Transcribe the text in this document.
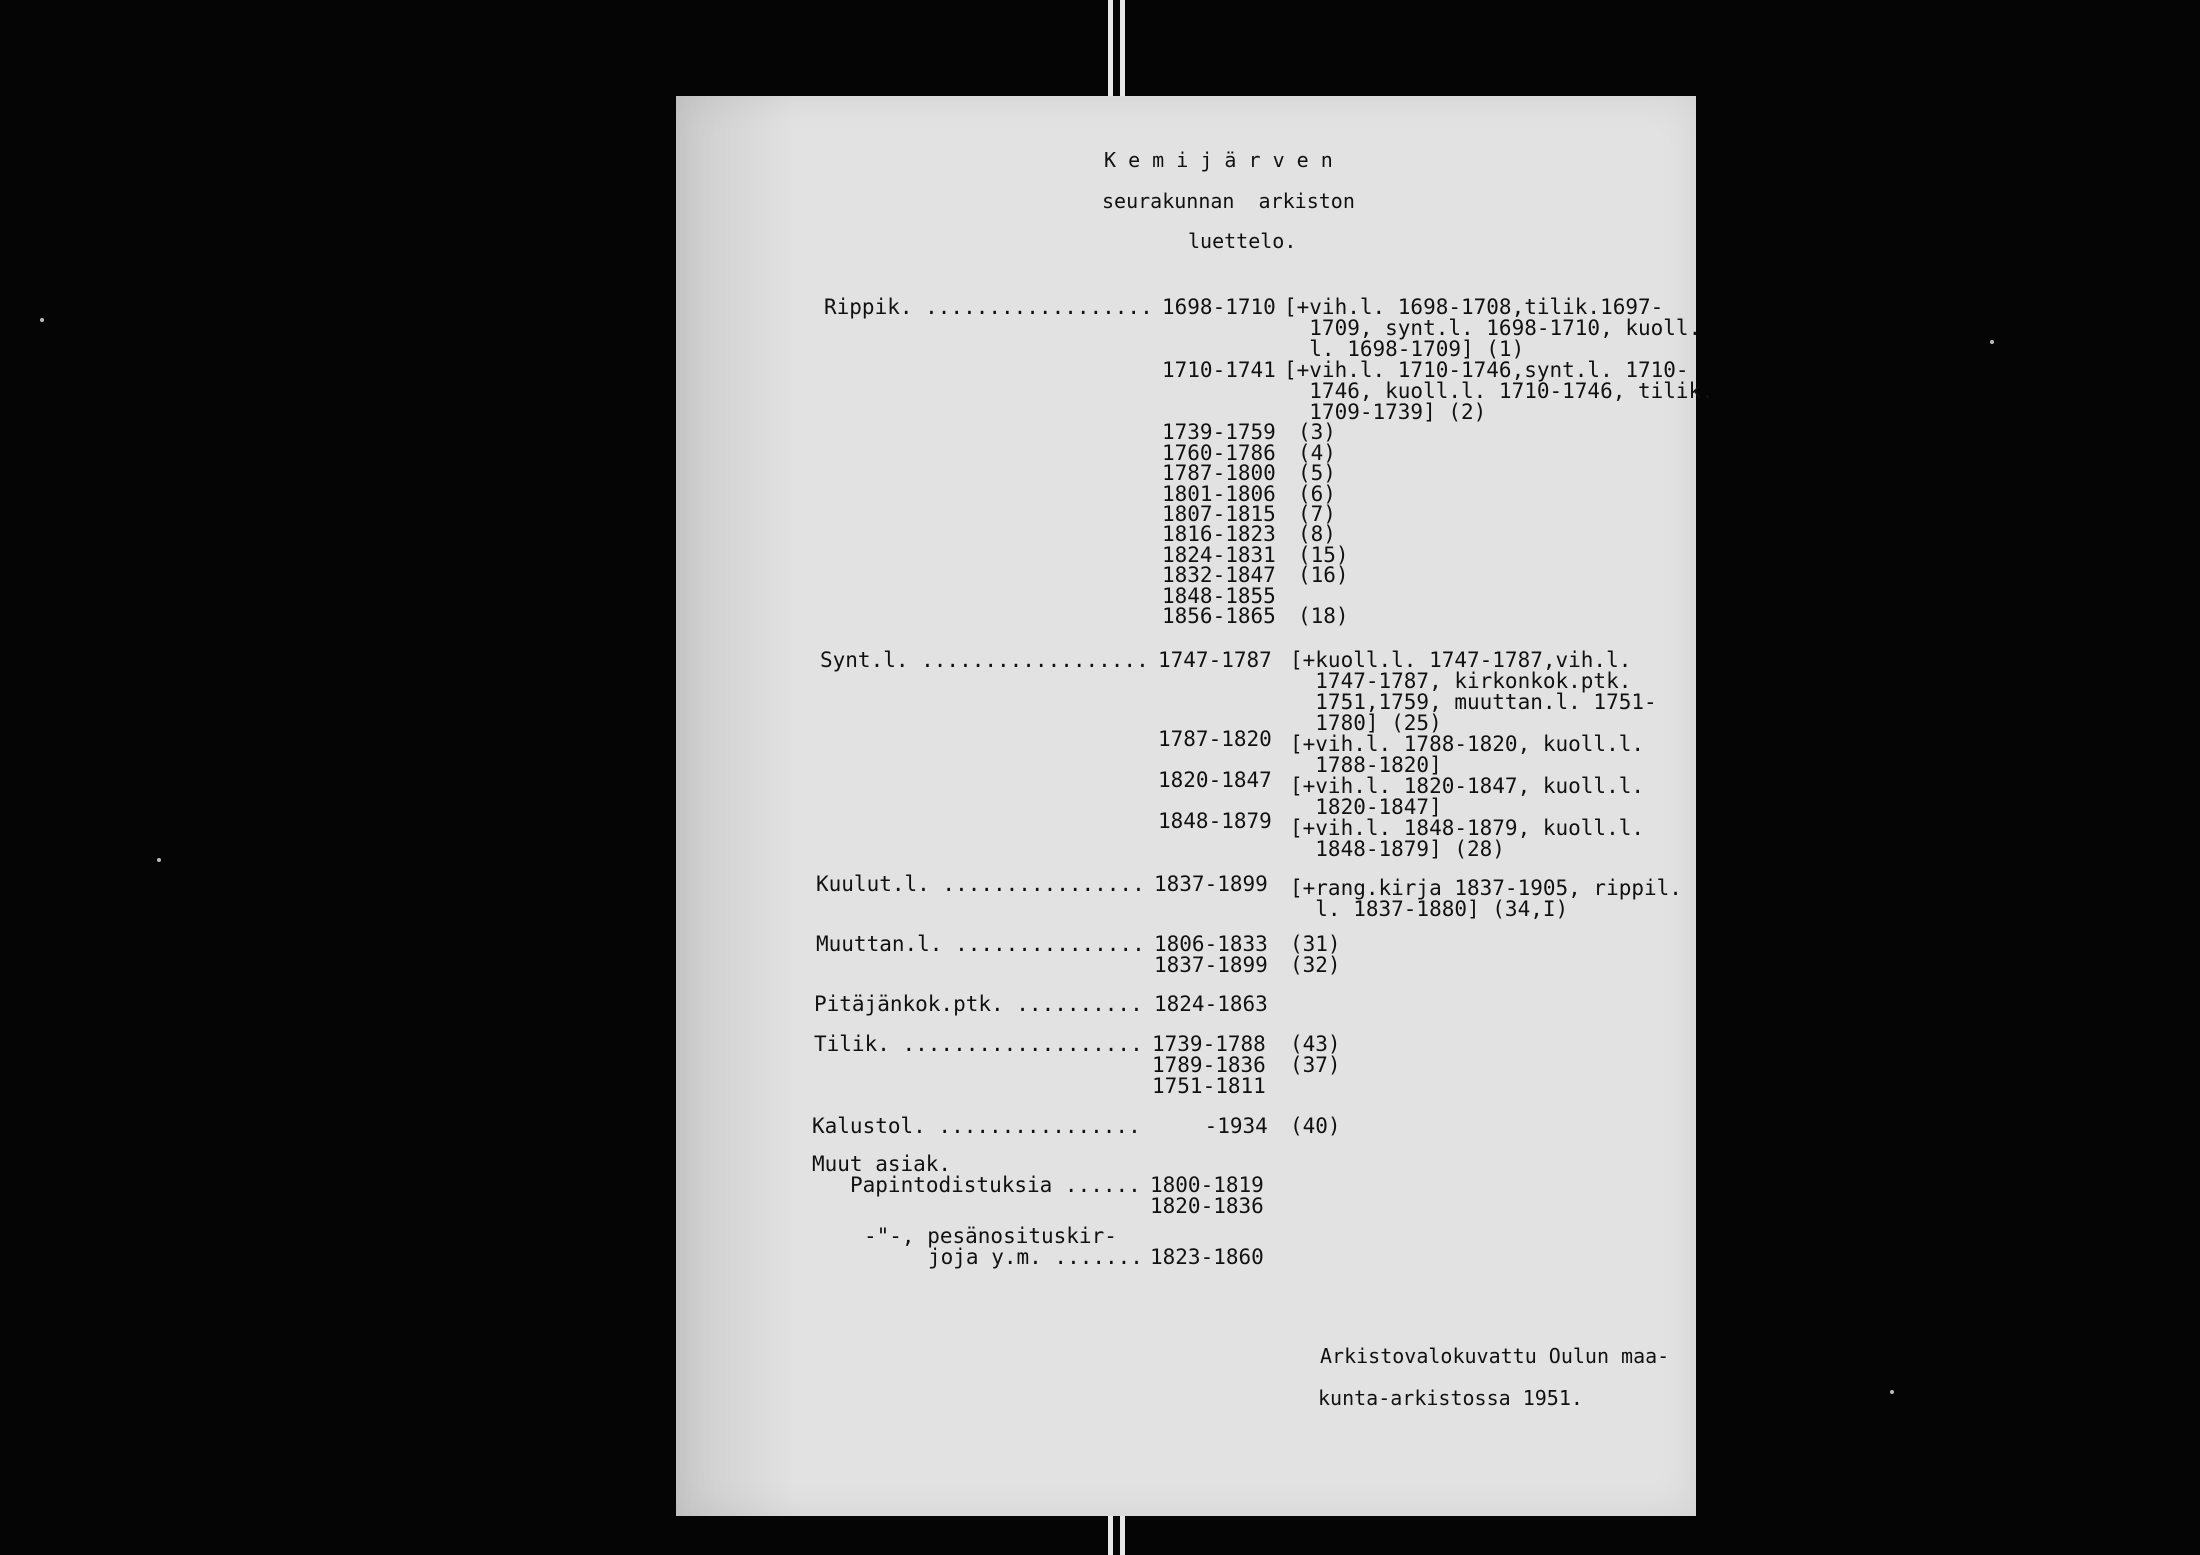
K e m i j ä r v e n
seurakunnan  arkiston
luettelo.
Rippik. .................. 1698-1710 [+vih.l. 1698-1708,tilik.1697-
1709, synt.l. 1698-1710, kuoll.
l. 1698-1709] (1)
1710-1741 [+vih.l. 1710-1746,synt.l. 1710-
1746, kuoll.l. 1710-1746, tilik.
1709-1739] (2)
1739-1759 (3)
1760-1786 (4)
1787-1800 (5)
1801-1806 (6)
1807-1815 (7)
1816-1823 (8)
1824-1831 (15)
1832-1847 (16)
1848-1855
1856-1865 (18)
Synt.l. .................. 1747-1787 [+kuoll.l. 1747-1787,vih.l.
1747-1787, kirkonkok.ptk.
1751,1759, muuttan.l. 1751-
1780] (25)
1787-1820 [+vih.l. 1788-1820, kuoll.l.
1788-1820]
1820-1847 [+vih.l. 1820-1847, kuoll.l.
1820-1847]
1848-1879 [+vih.l. 1848-1879, kuoll.l.
1848-1879] (28)
Kuulut.l. ................ 1837-1899 [+rang.kirja 1837-1905, rippil.
l. 1837-1880] (34,I)
Muuttan.l. ............... 1806-1833 (31)
1837-1899 (32)
Pitäjänkok.ptk. .......... 1824-1863
Tilik. ................... 1739-1788 (43)
1789-1836 (37)
1751-1811
Kalustol. ................ -1934 (40)
Muut asiak.
Papintodistuksia ...... 1800-1819
1820-1836
-"-, pesänosituskir-
joja y.m. ....... 1823-1860
Arkistovalokuvattu Oulun maa-
kunta-arkistossa 1951.
